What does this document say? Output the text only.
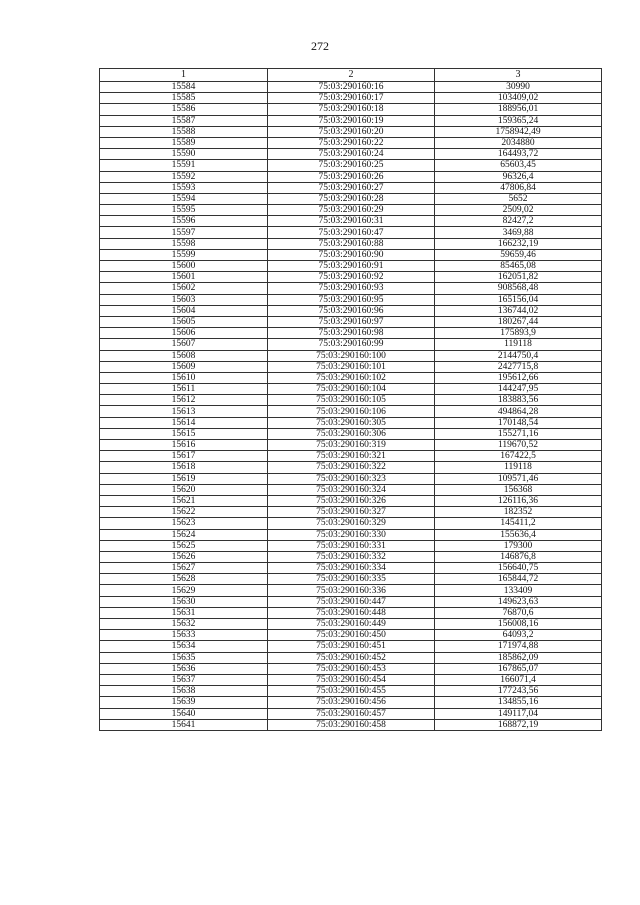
272
1	2	3
15584	75:03:290160:16	30990
15585	75:03:290160:17	103409,02
15586	75:03:290160:18	188956,01
15587	75:03:290160:19	159365,24
15588	75:03:290160:20	1758942,49
15589	75:03:290160:22	2034880
15590	75:03:290160:24	164493,72
15591	75:03:290160:25	65603,45
15592	75:03:290160:26	96326,4
15593	75:03:290160:27	47806,84
15594	75:03:290160:28	5652
15595	75:03:290160:29	2509,02
15596	75:03:290160:31	82427,2
15597	75:03:290160:47	3469,88
15598	75:03:290160:88	166232,19
15599	75:03:290160:90	59659,46
15600	75:03:290160:91	85465,08
15601	75:03:290160:92	162051,82
15602	75:03:290160:93	908568,48
15603	75:03:290160:95	165156,04
15604	75:03:290160:96	136744,02
15605	75:03:290160:97	180267,44
15606	75:03:290160:98	175893,9
15607	75:03:290160:99	119118
15608	75:03:290160:100	2144750,4
15609	75:03:290160:101	2427715,8
15610	75:03:290160:102	195612,66
15611	75:03:290160:104	144247,95
15612	75:03:290160:105	183883,56
15613	75:03:290160:106	494864,28
15614	75:03:290160:305	170148,54
15615	75:03:290160:306	155271,16
15616	75:03:290160:319	119670,52
15617	75:03:290160:321	167422,5
15618	75:03:290160:322	119118
15619	75:03:290160:323	109571,46
15620	75:03:290160:324	156368
15621	75:03:290160:326	126116,36
15622	75:03:290160:327	182352
15623	75:03:290160:329	145411,2
15624	75:03:290160:330	155636,4
15625	75:03:290160:331	179300
15626	75:03:290160:332	146876,8
15627	75:03:290160:334	156640,75
15628	75:03:290160:335	165844,72
15629	75:03:290160:336	133409
15630	75:03:290160:447	149623,63
15631	75:03:290160:448	76870,6
15632	75:03:290160:449	156008,16
15633	75:03:290160:450	64093,2
15634	75:03:290160:451	171974,88
15635	75:03:290160:452	185862,09
15636	75:03:290160:453	167865,07
15637	75:03:290160:454	166071,4
15638	75:03:290160:455	177243,56
15639	75:03:290160:456	134855,16
15640	75:03:290160:457	149117,04
15641	75:03:290160:458	168872,19
